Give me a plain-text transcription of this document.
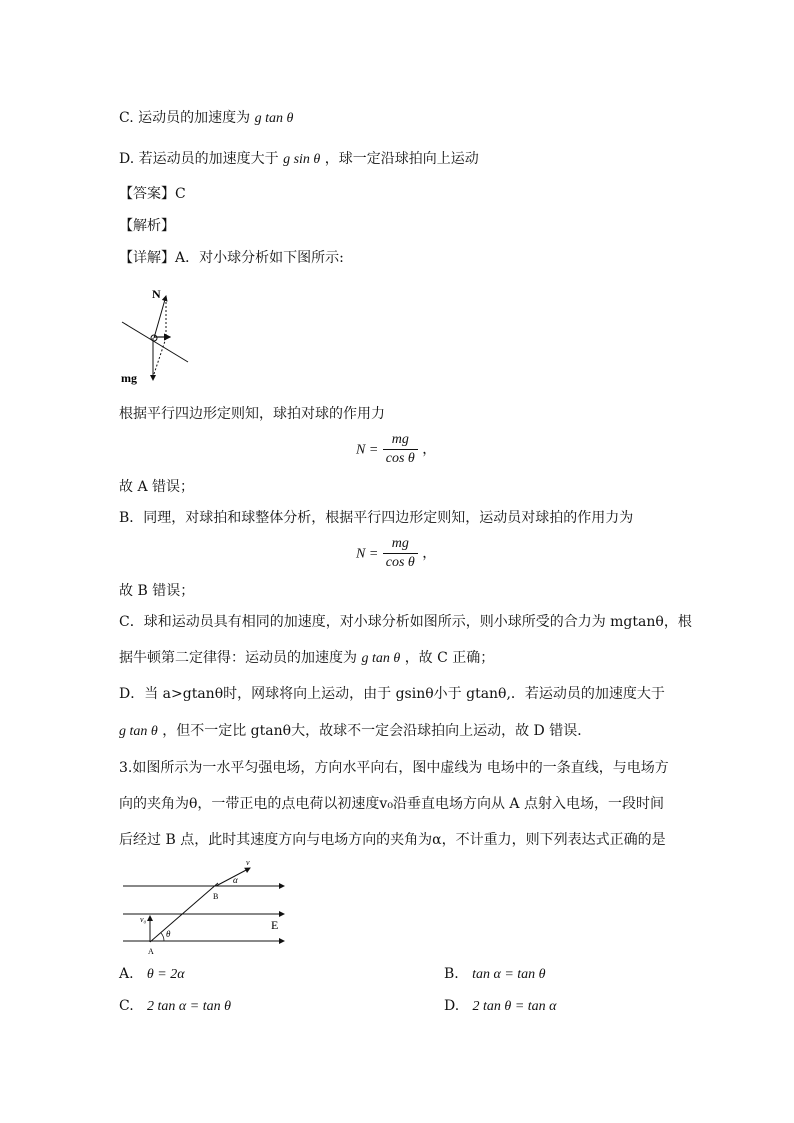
C. 运动员的加速度为 g tan θ
D. 若运动员的加速度大于 g sin θ ，球一定沿球拍向上运动
【答案】C
【解析】
【详解】A．对小球分析如下图所示:
N
mg
根据平行四边形定则知，球拍对球的作用力
$N = \frac{mg}{\text{cos θ}}$ ，
故 A 错误；
B．同理，对球拍和球整体分析，根据平行四边形定则知，运动员对球拍的作用力为
$N = \frac{mg}{\text{cos θ}}$ ，
故 B 错误；
C．球和运动员具有相同的加速度，对小球分析如图所示，则小球所受的合力为 mgtanθ，根
据牛顿第二定律得：运动员的加速度为 g tan θ ，故 C 正确；
D．当 a>gtanθ时，网球将向上运动，由于 gsinθ小于 gtanθ,．若运动员的加速度大于
g tan θ ，但不一定比 gtanθ大，故球不一定会沿球拍向上运动，故 D 错误．
3.如图所示为一水平匀强电场，方向水平向右，图中虚线为 电场中的一条直线，与电场方
向的夹角为θ，一带正电的点电荷以初速度v₀沿垂直电场方向从 A 点射入电场，一段时间
后经过 B 点，此时其速度方向与电场方向的夹角为α，不计重力，则下列表达式正确的是
v
α
B
v₀
θ
A
E
A. θ = 2α	B. tan α = tan θ
C. 2 tan α = tan θ	D. 2 tan θ = tan α
